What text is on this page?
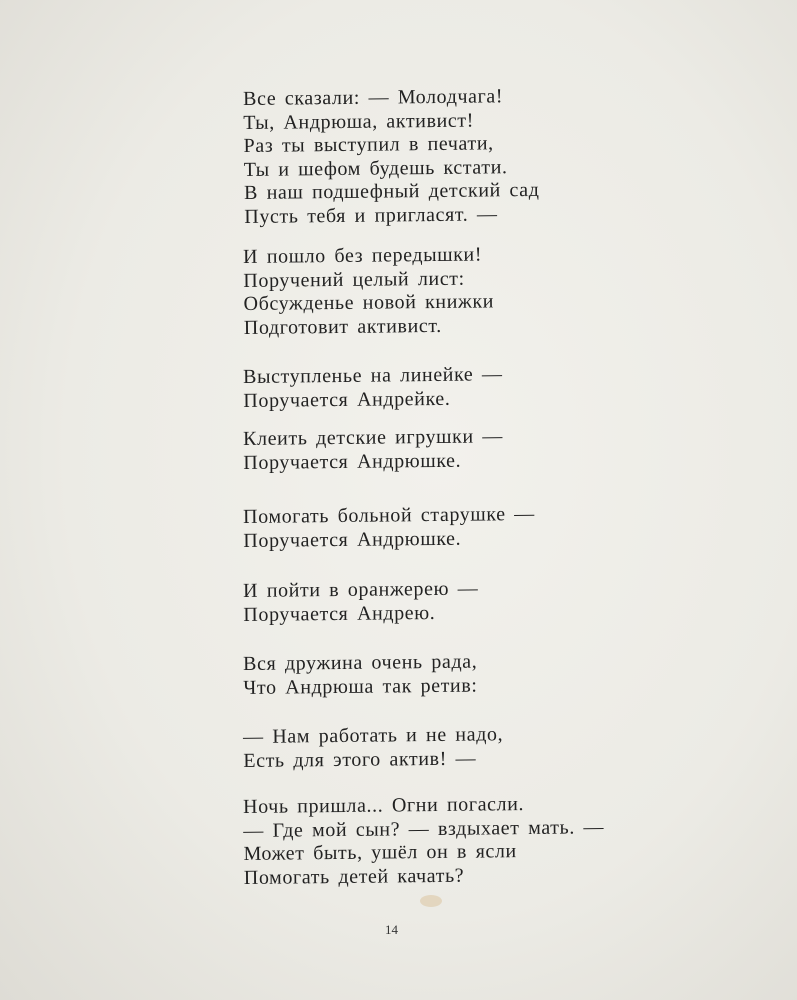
Все сказали: — Молодчага!
Ты, Андрюша, активист!
Раз ты выступил в печати,
Ты и шефом будешь кстати.
В наш подшефный детский сад
Пусть тебя и пригласят. —
И пошло без передышки!
Поручений целый лист:
Обсужденье новой книжки
Подготовит активист.
Выступленье на линейке —
Поручается Андрейке.
Клеить детские игрушки —
Поручается Андрюшке.
Помогать больной старушке —
Поручается Андрюшке.
И пойти в оранжерею —
Поручается Андрею.
Вся дружина очень рада,
Что Андрюша так ретив:
— Нам работать и не надо,
Есть для этого актив! —
Ночь пришла... Огни погасли.
— Где мой сын? — вздыхает мать. —
Может быть, ушёл он в ясли
Помогать детей качать?
14
